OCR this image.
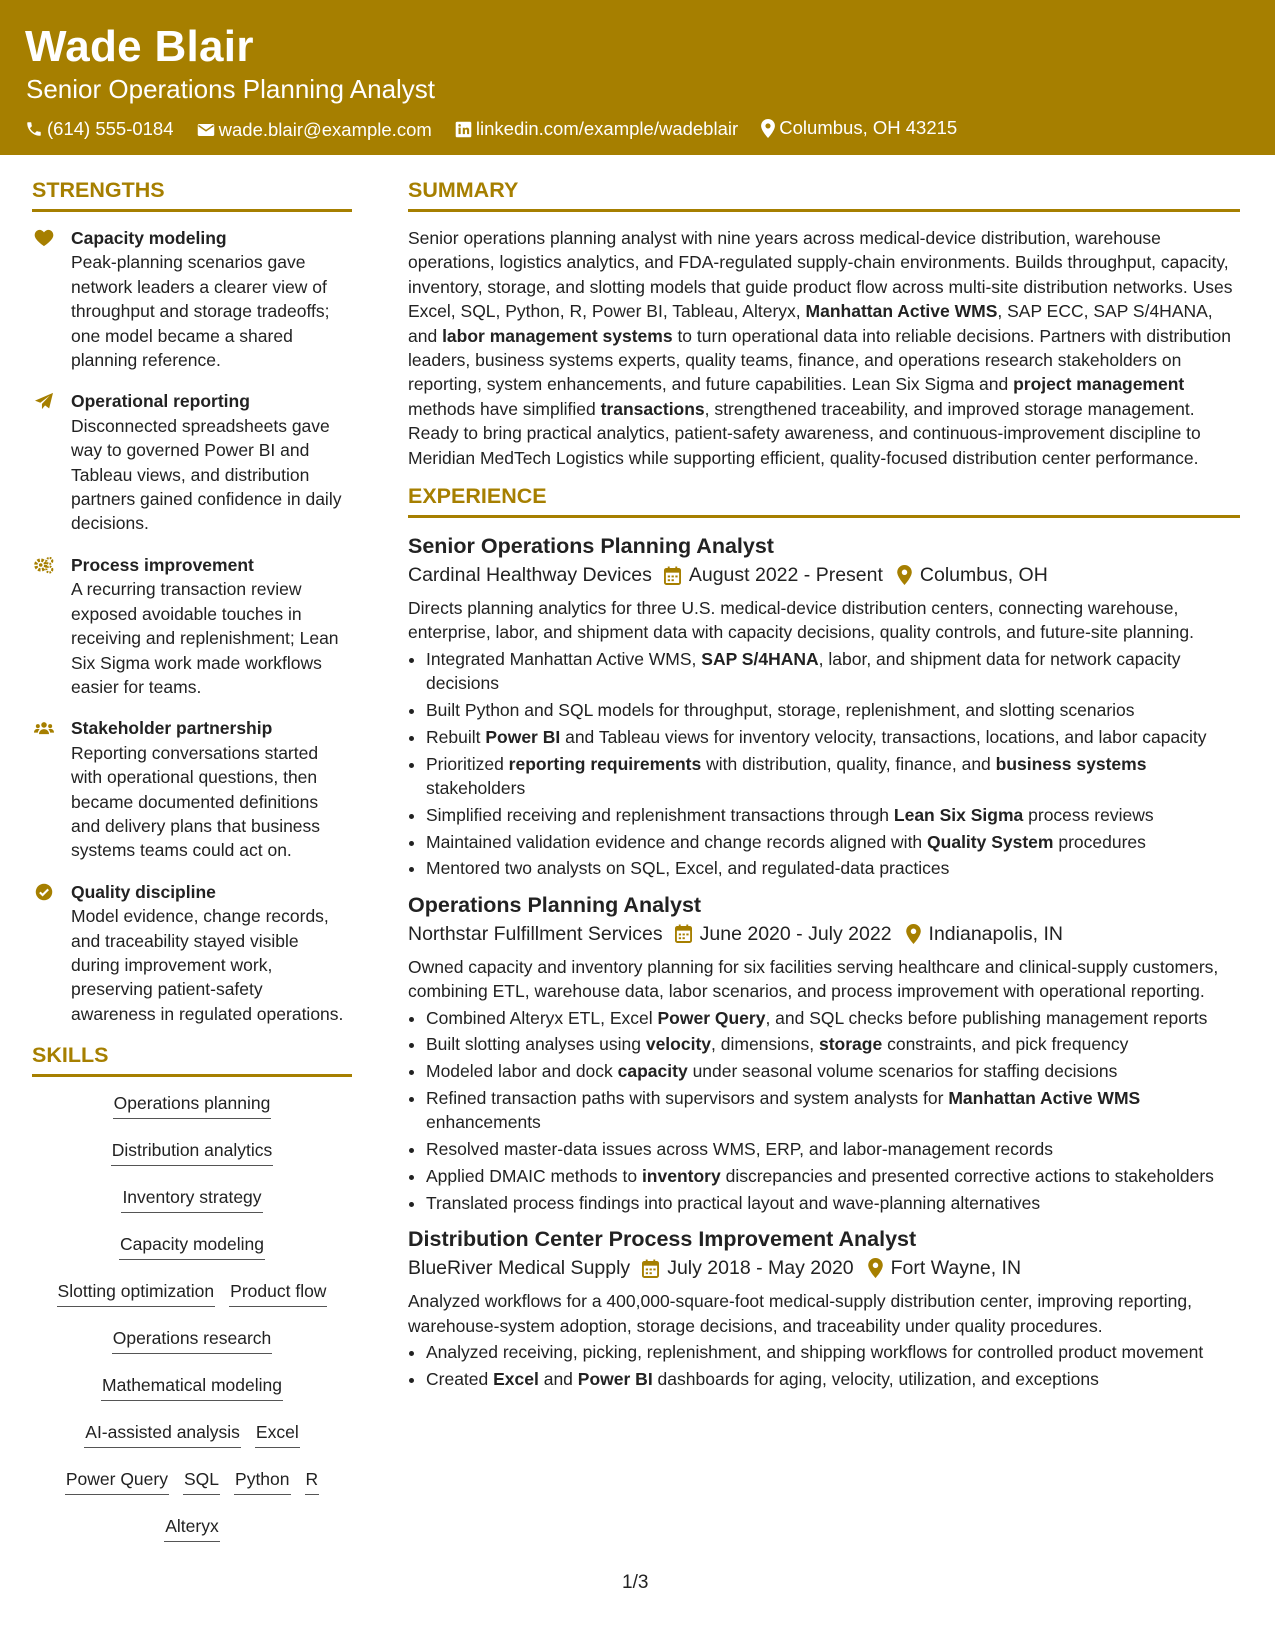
Wade Blair
Senior Operations Planning Analyst
(614) 555-0184
wade.blair@example.com
linkedin.com/example/wadeblair
Columbus, OH 43215
STRENGTHS
Capacity modeling
Peak-planning scenarios gave network leaders a clearer view of throughput and storage tradeoffs; one model became a shared planning reference.
Operational reporting
Disconnected spreadsheets gave way to governed Power BI and Tableau views, and distribution partners gained confidence in daily decisions.
Process improvement
A recurring transaction review exposed avoidable touches in receiving and replenishment; Lean Six Sigma work made workflows easier for teams.
Stakeholder partnership
Reporting conversations started with operational questions, then became documented definitions and delivery plans that business systems teams could act on.
Quality discipline
Model evidence, change records, and traceability stayed visible during improvement work, preserving patient-safety awareness in regulated operations.
SKILLS
Operations planning
Distribution analytics
Inventory strategy
Capacity modeling
Slotting optimization Product flow
Operations research
Mathematical modeling
AI-assisted analysis Excel
Power Query SQL Python R
Alteryx
SUMMARY
Senior operations planning analyst with nine years across medical-device distribution, warehouse operations, logistics analytics, and FDA-regulated supply-chain environments. Builds throughput, capacity, inventory, storage, and slotting models that guide product flow across multi-site distribution networks. Uses Excel, SQL, Python, R, Power BI, Tableau, Alteryx, Manhattan Active WMS, SAP ECC, SAP S/4HANA, and labor management systems to turn operational data into reliable decisions. Partners with distribution leaders, business systems experts, quality teams, finance, and operations research stakeholders on reporting, system enhancements, and future capabilities. Lean Six Sigma and project management methods have simplified transactions, strengthened traceability, and improved storage management. Ready to bring practical analytics, patient-safety awareness, and continuous-improvement discipline to Meridian MedTech Logistics while supporting efficient, quality-focused distribution center performance.
EXPERIENCE
Senior Operations Planning Analyst
Cardinal Healthway Devices August 2022 - Present Columbus, OH
Directs planning analytics for three U.S. medical-device distribution centers, connecting warehouse, enterprise, labor, and shipment data with capacity decisions, quality controls, and future-site planning.
• Integrated Manhattan Active WMS, SAP S/4HANA, labor, and shipment data for network capacity decisions
• Built Python and SQL models for throughput, storage, replenishment, and slotting scenarios
• Rebuilt Power BI and Tableau views for inventory velocity, transactions, locations, and labor capacity
• Prioritized reporting requirements with distribution, quality, finance, and business systems stakeholders
• Simplified receiving and replenishment transactions through Lean Six Sigma process reviews
• Maintained validation evidence and change records aligned with Quality System procedures
• Mentored two analysts on SQL, Excel, and regulated-data practices
Operations Planning Analyst
Northstar Fulfillment Services June 2020 - July 2022 Indianapolis, IN
Owned capacity and inventory planning for six facilities serving healthcare and clinical-supply customers, combining ETL, warehouse data, labor scenarios, and process improvement with operational reporting.
• Combined Alteryx ETL, Excel Power Query, and SQL checks before publishing management reports
• Built slotting analyses using velocity, dimensions, storage constraints, and pick frequency
• Modeled labor and dock capacity under seasonal volume scenarios for staffing decisions
• Refined transaction paths with supervisors and system analysts for Manhattan Active WMS enhancements
• Resolved master-data issues across WMS, ERP, and labor-management records
• Applied DMAIC methods to inventory discrepancies and presented corrective actions to stakeholders
• Translated process findings into practical layout and wave-planning alternatives
Distribution Center Process Improvement Analyst
BlueRiver Medical Supply July 2018 - May 2020 Fort Wayne, IN
Analyzed workflows for a 400,000-square-foot medical-supply distribution center, improving reporting, warehouse-system adoption, storage decisions, and traceability under quality procedures.
• Analyzed receiving, picking, replenishment, and shipping workflows for controlled product movement
• Created Excel and Power BI dashboards for aging, velocity, utilization, and exceptions
1/3
